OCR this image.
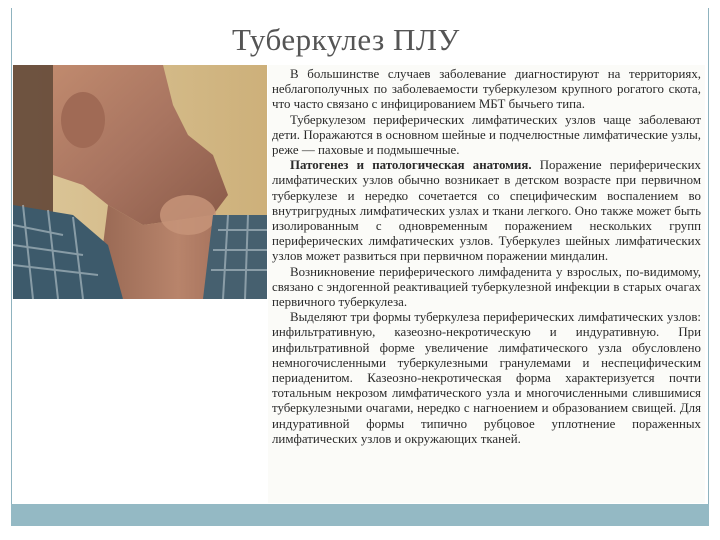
Туберкулез ПЛУ

В большинстве случаев заболевание диагностируют на территориях, неблагополучных по заболеваемости туберкулезом крупного рогатого скота, что часто связано с инфицированием МБТ бычьего типа.

Туберкулезом периферических лимфатических узлов чаще заболевают дети. Поражаются в основном шейные и подчелюстные лимфатические узлы, реже — паховые и подмышечные.

Патогенез и патологическая анатомия. Поражение периферических лимфатических узлов обычно возникает в детском возрасте при первичном туберкулезе и нередко сочетается со специфическим воспалением во внутригрудных лимфатических узлах и ткани легкого. Оно также может быть изолированным с одновременным поражением нескольких групп периферических лимфатических узлов. Туберкулез шейных лимфатических узлов может развиться при первичном поражении миндалин.

Возникновение периферического лимфаденита у взрослых, по-видимому, связано с эндогенной реактивацией туберкулезной инфекции в старых очагах первичного туберкулеза.

Выделяют три формы туберкулеза периферических лимфатических узлов: инфильтративную, казеозно-некротическую и индуративную. При инфильтративной форме увеличение лимфатического узла обусловлено немногочисленными туберкулезными гранулемами и неспецифическим периаденитом. Казеозно-некротическая форма характеризуется почти тотальным некрозом лимфатического узла и многочисленными слившимися туберкулезными очагами, нередко с нагноением и образованием свищей. Для индуративной формы типично рубцовое уплотнение пораженных лимфатических узлов и окружающих тканей.
